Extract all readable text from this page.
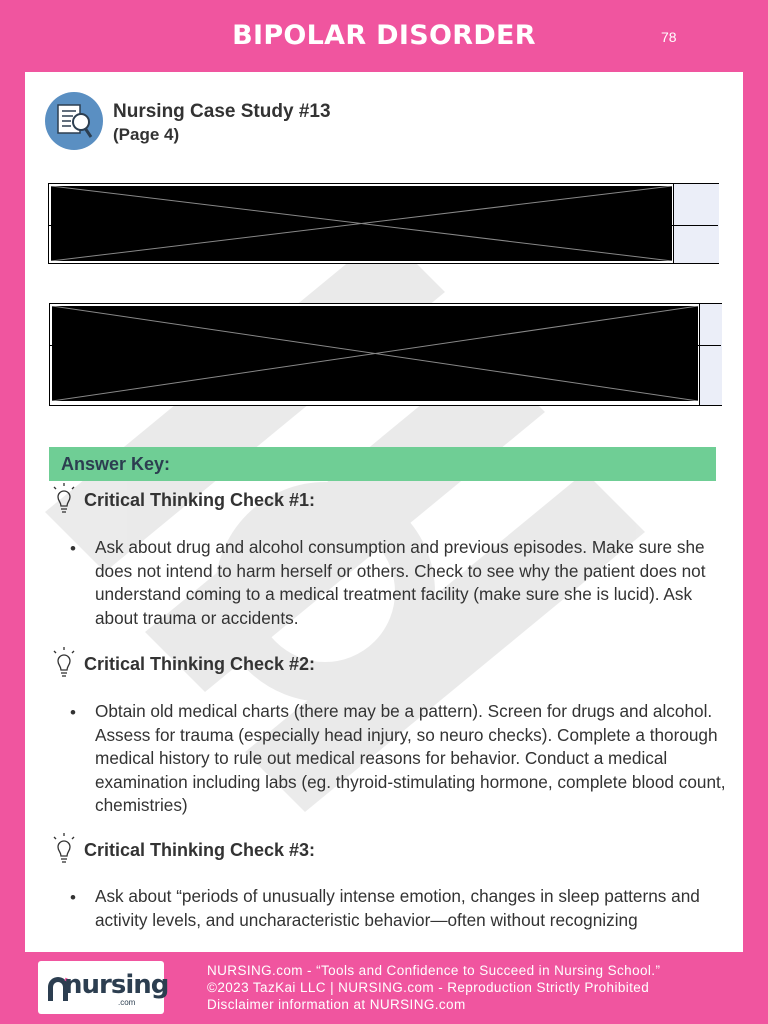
BIPOLAR DISORDER	78
Nursing Case Study #13
(Page 4)
Answer Key:
Critical Thinking Check #1:
• Ask about drug and alcohol consumption and previous episodes. Make sure she does not intend to harm herself or others. Check to see why the patient does not understand coming to a medical treatment facility (make sure she is lucid). Ask about trauma or accidents.
Critical Thinking Check #2:
• Obtain old medical charts (there may be a pattern). Screen for drugs and alcohol. Assess for trauma (especially head injury, so neuro checks). Complete a thorough medical history to rule out medical reasons for behavior. Conduct a medical examination including labs (eg. thyroid-stimulating hormone, complete blood count, chemistries)
Critical Thinking Check #3:
• Ask about “periods of unusually intense emotion, changes in sleep patterns and activity levels, and uncharacteristic behavior—often without recognizing
nursing
.com
NURSING.com - “Tools and Confidence to Succeed in Nursing School.”
©2023 TazKai LLC | NURSING.com - Reproduction Strictly Prohibited
Disclaimer information at NURSING.com
